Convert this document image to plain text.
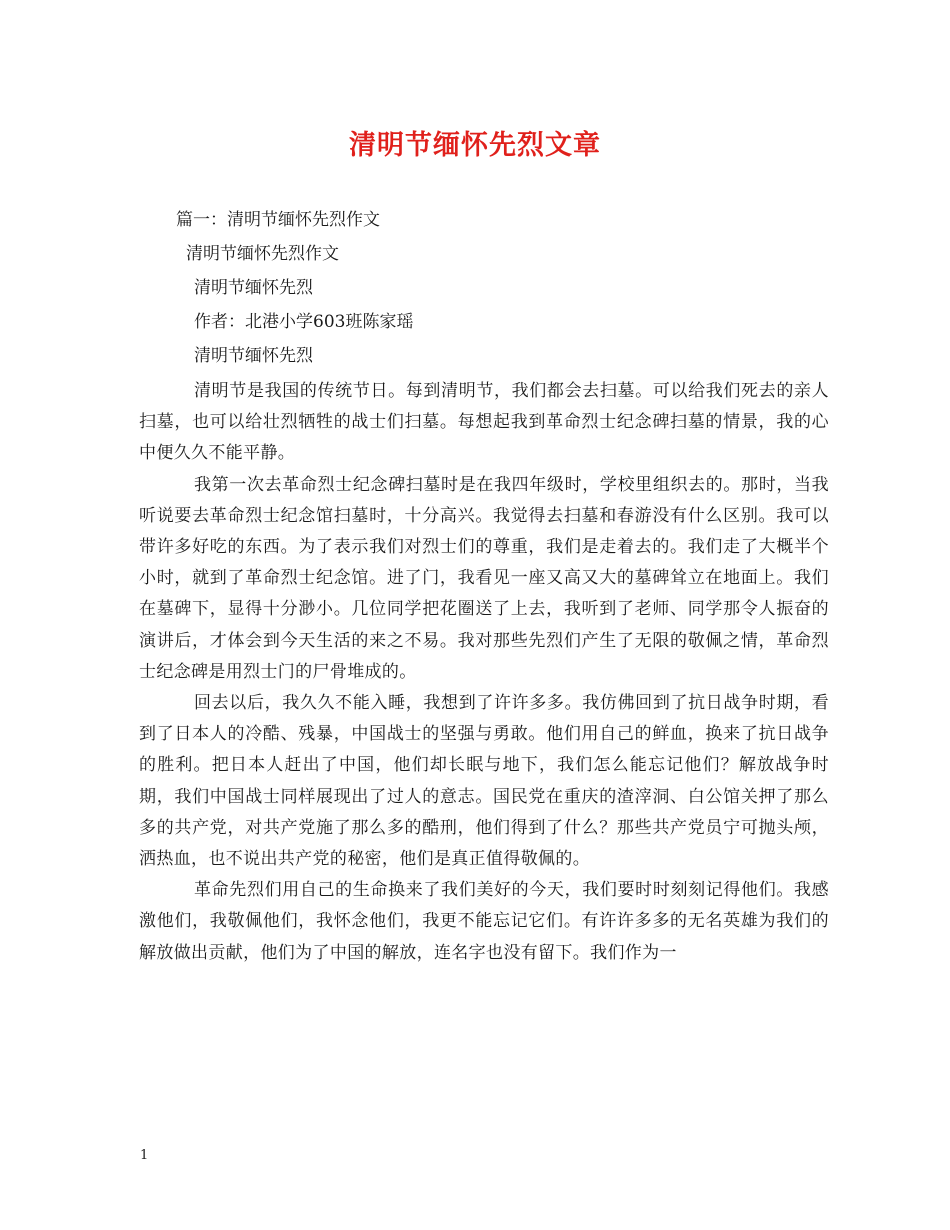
清明节缅怀先烈文章
篇一：清明节缅怀先烈作文
清明节缅怀先烈作文
清明节缅怀先烈
作者：北港小学603班陈家瑶
清明节缅怀先烈

清明节是我国的传统节日。每到清明节，我们都会去扫墓。可以给我们死去的亲人扫墓，也可以给壮烈牺牲的战士们扫墓。每想起我到革命烈士纪念碑扫墓的情景，我的心中便久久不能平静。

我第一次去革命烈士纪念碑扫墓时是在我四年级时，学校里组织去的。那时，当我听说要去革命烈士纪念馆扫墓时，十分高兴。我觉得去扫墓和春游没有什么区别。我可以带许多好吃的东西。为了表示我们对烈士们的尊重，我们是走着去的。我们走了大概半个小时，就到了革命烈士纪念馆。进了门，我看见一座又高又大的墓碑耸立在地面上。我们在墓碑下，显得十分渺小。几位同学把花圈送了上去，我听到了老师、同学那令人振奋的演讲后，才体会到今天生活的来之不易。我对那些先烈们产生了无限的敬佩之情，革命烈士纪念碑是用烈士门的尸骨堆成的。

回去以后，我久久不能入睡，我想到了许许多多。我仿佛回到了抗日战争时期，看到了日本人的冷酷、残暴，中国战士的坚强与勇敢。他们用自己的鲜血，换来了抗日战争的胜利。把日本人赶出了中国，他们却长眠与地下，我们怎么能忘记他们？解放战争时期，我们中国战士同样展现出了过人的意志。国民党在重庆的渣滓洞、白公馆关押了那么多的共产党，对共产党施了那么多的酷刑，他们得到了什么？那些共产党员宁可抛头颅，洒热血，也不说出共产党的秘密，他们是真正值得敬佩的。

革命先烈们用自己的生命换来了我们美好的今天，我们要时时刻刻记得他们。我感激他们，我敬佩他们，我怀念他们，我更不能忘记它们。有许许多多的无名英雄为我们的解放做出贡献，他们为了中国的解放，连名字也没有留下。我们作为一

1
